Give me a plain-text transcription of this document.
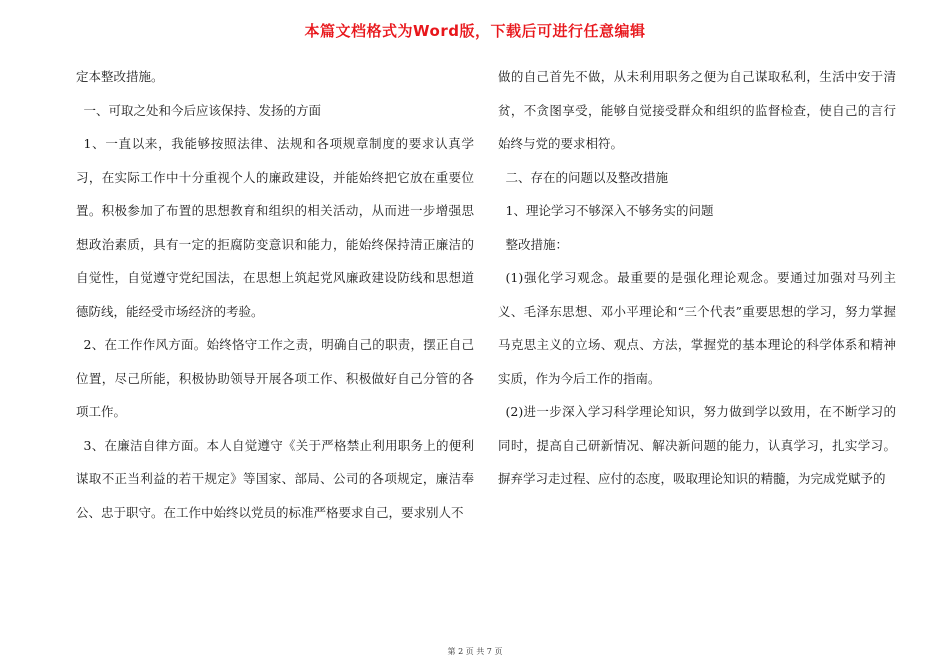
本篇文档格式为Word版，下载后可进行任意编辑

定本整改措施。

一、可取之处和今后应该保持、发扬的方面

1、一直以来，我能够按照法律、法规和各项规章制度的要求认真学习，在实际工作中十分重视个人的廉政建设，并能始终把它放在重要位置。积极参加了布置的思想教育和组织的相关活动，从而进一步增强思想政治素质，具有一定的拒腐防变意识和能力，能始终保持清正廉洁的自觉性，自觉遵守党纪国法，在思想上筑起党风廉政建设防线和思想道德防线，能经受市场经济的考验。

2、在工作作风方面。始终恪守工作之责，明确自己的职责，摆正自己位置，尽己所能，积极协助领导开展各项工作、积极做好自己分管的各项工作。

3、在廉洁自律方面。本人自觉遵守《关于严格禁止利用职务上的便利谋取不正当利益的若干规定》等国家、部局、公司的各项规定，廉洁奉公、忠于职守。在工作中始终以党员的标准严格要求自己，要求别人不

做的自己首先不做，从未利用职务之便为自己谋取私利，生活中安于清贫，不贪图享受，能够自觉接受群众和组织的监督检查，使自己的言行始终与党的要求相符。

二、存在的问题以及整改措施

1、理论学习不够深入不够务实的问题

整改措施：

(1)强化学习观念。最重要的是强化理论观念。要通过加强对马列主义、毛泽东思想、邓小平理论和“三个代表”重要思想的学习，努力掌握马克思主义的立场、观点、方法，掌握党的基本理论的科学体系和精神实质，作为今后工作的指南。

(2)进一步深入学习科学理论知识，努力做到学以致用，在不断学习的同时，提高自己研新情况、解决新问题的能力，认真学习，扎实学习。摒弃学习走过程、应付的态度，吸取理论知识的精髓，为完成党赋予的

第 2 页 共 7 页
